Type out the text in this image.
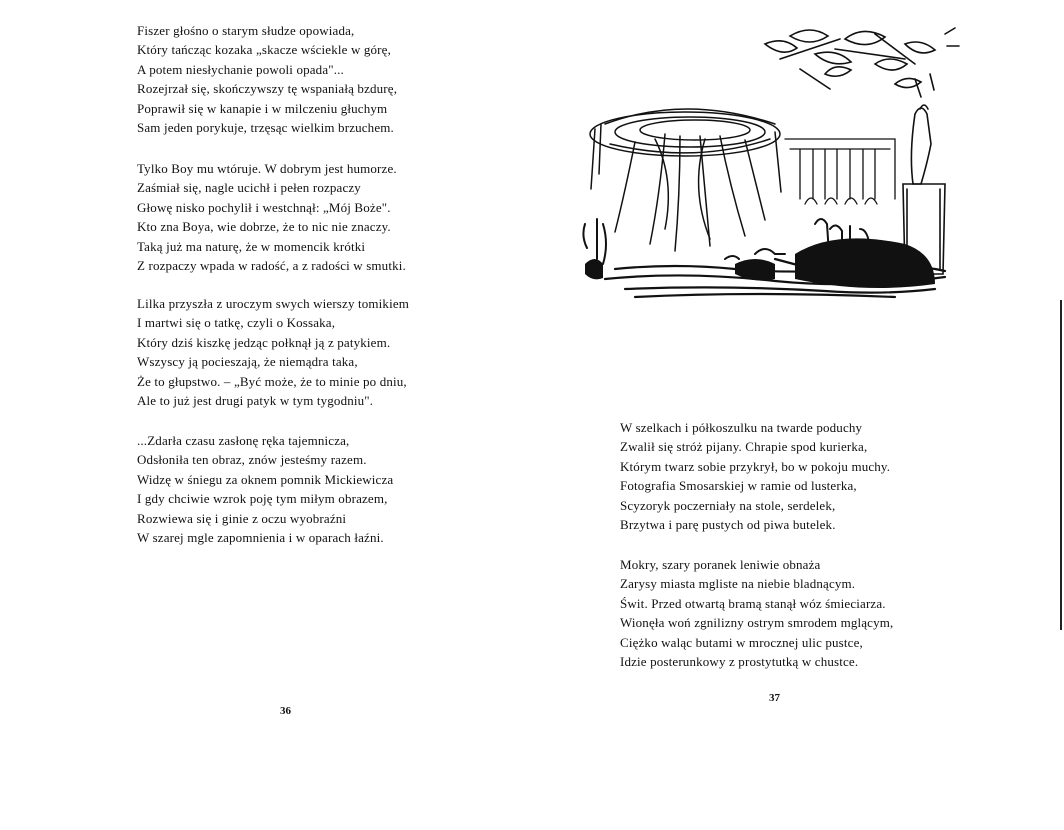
Fiszer głośno o starym słudze opowiada,
Który tańcząc kozaka „skacze wściekle w górę,
A potem niesłychanie powoli opada"...
Rozejrzał się, skończywszy tę wspaniałą bzdurę,
Poprawił się w kanapie i w milczeniu głuchym
Sam jeden porykuje, trzęsąc wielkim brzuchem.
Tylko Boy mu wtóruje. W dobrym jest humorze.
Zaśmiał się, nagle ucichł i pełen rozpaczy
Głowę nisko pochylił i westchnął: „Mój Boże".
Kto zna Boya, wie dobrze, że to nic nie znaczy.
Taką już ma naturę, że w momencik krótki
Z rozpaczy wpada w radość, a z radości w smutki.
Lilka przyszła z uroczym swych wierszy tomikiem
I martwi się o tatkę, czyli o Kossaka,
Który dziś kiszkę jedząc połknął ją z patykiem.
Wszyscy ją pocieszają, że niemądra taka,
Że to głupstwo. – „Być może, że to minie po dniu,
Ale to już jest drugi patyk w tym tygodniu".
...Zdarła czasu zasłonę ręka tajemnicza,
Odsłoniła ten obraz, znów jesteśmy razem.
Widzę w śniegu za oknem pomnik Mickiewicza
I gdy chciwie wzrok poję tym miłym obrazem,
Rozwiewa się i ginie z oczu wyobraźni
W szarej mgle zapomnienia i w oparach łaźni.
36
W szelkach i półkoszulku na twarde poduchy
Zwalił się stróż pijany. Chrapie spod kurierka,
Którym twarz sobie przykrył, bo w pokoju muchy.
Fotografia Smosarskiej w ramie od lusterka,
Scyzoryk poczerniały na stole, serdelek,
Brzytwa i parę pustych od piwa butelek.
Mokry, szary poranek leniwie obnaża
Zarysy miasta mgliste na niebie bladnącym.
Świt. Przed otwartą bramą stanął wóz śmieciarza.
Wionęła woń zgnilizny ostrym smrodem mglącym,
Ciężko waląc butami w mrocznej ulic pustce,
Idzie posterunkowy z prostytutką w chustce.
37
